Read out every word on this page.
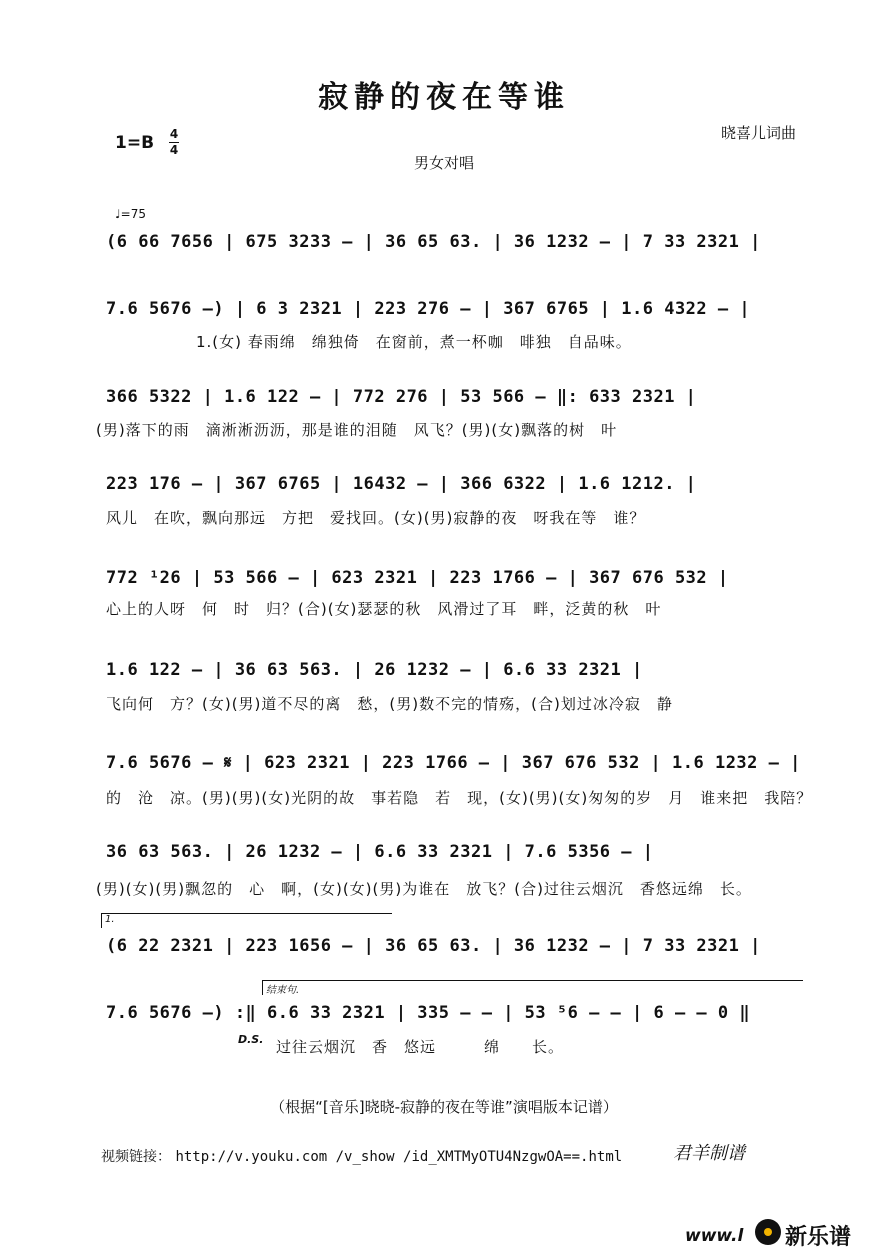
寂静的夜在等谁
1=B 4
4
晓喜儿词曲
男女对唱
♩=75
(6 66 7656 | 675 3233 – | 36 65 63. | 36 1232 – | 7 33 2321 |
7.6 5676 –) | 6 3 2321 | 223 276 – | 367 6765 | 1.6 4322 – |
1.(女) 春雨绵　绵独倚　在窗前，煮一杯咖　啡独　自品味。
366 5322 | 1.6 122 – | 772 276 | 53 566 – ‖: 633 2321 |
(男)落下的雨　滴淅淅沥沥，那是谁的泪随　风飞？(男)(女)飘落的树　叶
223 176 – | 367 6765 | 16432 – | 366 6322 | 1.6 1212. |
风儿　在吹，飘向那远　方把　爱找回。(女)(男)寂静的夜　呀我在等　谁？
772 ¹26 | 53 566 – | 623 2321 | 223 1766 – | 367 676 532 |
心上的人呀　何　时　归？(合)(女)瑟瑟的秋　风滑过了耳　畔，泛黄的秋　叶
1.6 122 – | 36 63 563. | 26 1232 – | 6.6 33 2321 |
飞向何　方？(女)(男)道不尽的离　愁，(男)数不完的情殇，(合)划过冰冷寂　静
7.6 5676 – 𝄋 | 623 2321 | 223 1766 – | 367 676 532 | 1.6 1232 – |
的　沧　凉。(男)(男)(女)光阴的故　事若隐　若　现，(女)(男)(女)匆匆的岁　月　谁来把　我陪？
36 63 563. | 26 1232 – | 6.6 33 2321 | 7.6 5356 – |
(男)(女)(男)飘忽的　心　啊，(女)(女)(男)为谁在　放飞？(合)过往云烟沉　香悠远绵　长。
1.
(6 22 2321 | 223 1656 – | 36 65 63. | 36 1232 – | 7 33 2321 |
结束句.
7.6 5676 –) :‖ 6.6 33 2321 | 335 – – | 53 ⁵6 – – | 6 – – 0 ‖
D.S. 过往云烟沉　香　悠远　　　绵　　长。
（根据“[音乐]晓晓-寂静的夜在等谁”演唱版本记谱）
视频链接： http://v.youku.com /v_show /id_XMTMyOTU4NzgwOA==.html	君羊制谱
www.l 新乐谱
